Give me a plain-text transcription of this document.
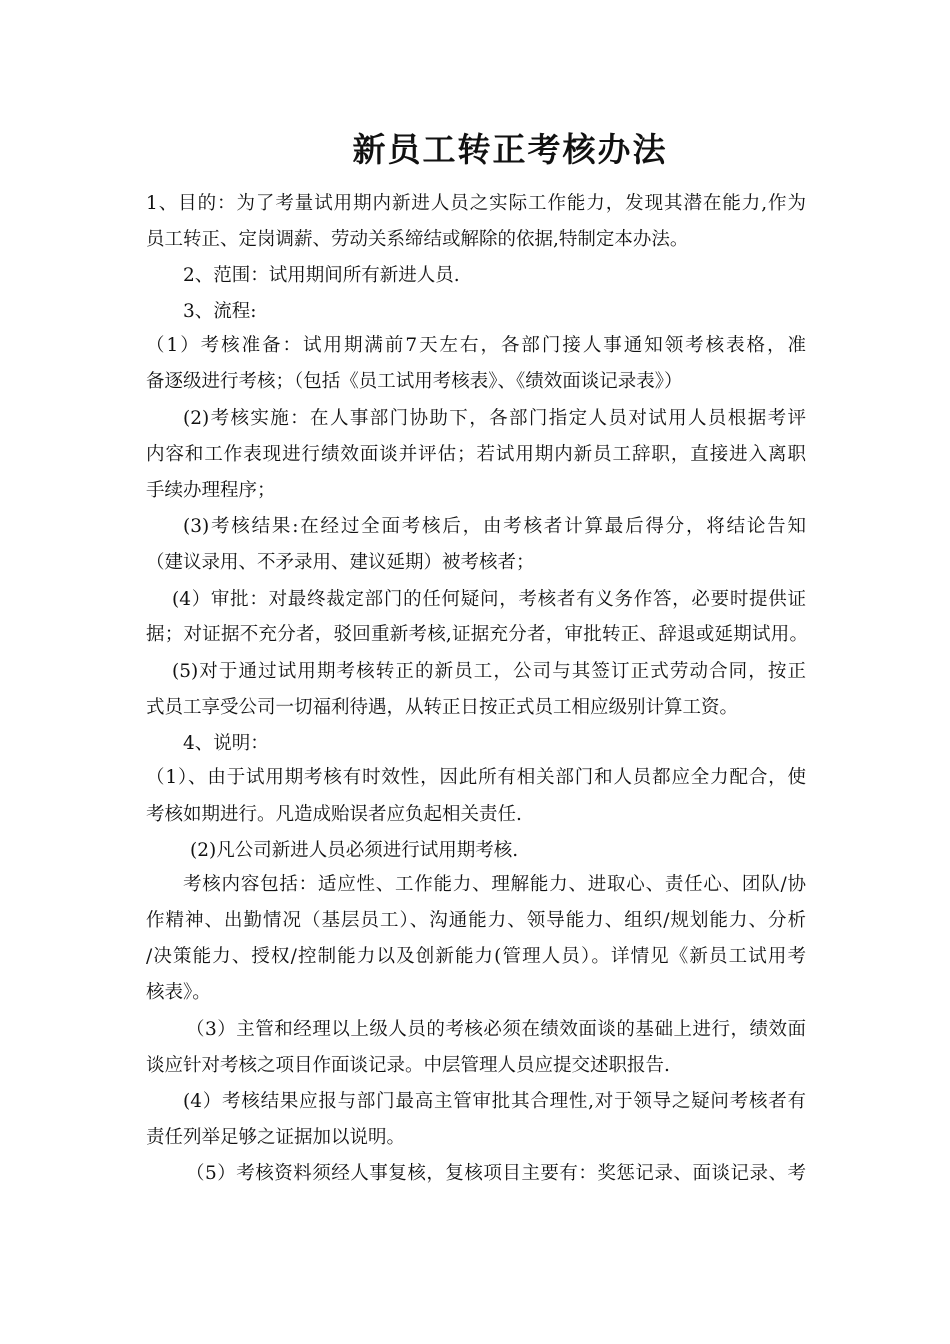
新员工转正考核办法
1、目的：为了考量试用期内新进人员之实际工作能力，发现其潜在能力,作为
员工转正、定岗调薪、劳动关系缔结或解除的依据,特制定本办法。
2、范围：试用期间所有新进人员.
3、流程:
（1）考核准备：试用期满前7天左右，各部门接人事通知领考核表格，准
备逐级进行考核；（包括《员工试用考核表》、《绩效面谈记录表》）
(2)考核实施：在人事部门协助下，各部门指定人员对试用人员根据考评
内容和工作表现进行绩效面谈并评估；若试用期内新员工辞职，直接进入离职
手续办理程序；
(3)考核结果:在经过全面考核后，由考核者计算最后得分，将结论告知
（建议录用、不矛录用、建议延期）被考核者；
(4）审批：对最终裁定部门的任何疑问，考核者有义务作答，必要时提供证
据；对证据不充分者，驳回重新考核,证据充分者，审批转正、辞退或延期试用。
(5)对于通过试用期考核转正的新员工，公司与其签订正式劳动合同，按正
式员工享受公司一切福利待遇，从转正日按正式员工相应级别计算工资。
4、说明：
（1）、由于试用期考核有时效性，因此所有相关部门和人员都应全力配合，使
考核如期进行。凡造成贻误者应负起相关责任.
(2)凡公司新进人员必须进行试用期考核.
考核内容包括：适应性、工作能力、理解能力、进取心、责任心、团队/协
作精神、出勤情况（基层员工）、沟通能力、领导能力、组织/规划能力、分析
/决策能力、授权/控制能力以及创新能力(管理人员）。详情见《新员工试用考
核表》。
（3）主管和经理以上级人员的考核必须在绩效面谈的基础上进行，绩效面
谈应针对考核之项目作面谈记录。中层管理人员应提交述职报告.
(4）考核结果应报与部门最高主管审批其合理性,对于领导之疑问考核者有
责任列举足够之证据加以说明。
（5）考核资料须经人事复核，复核项目主要有：奖惩记录、面谈记录、考
